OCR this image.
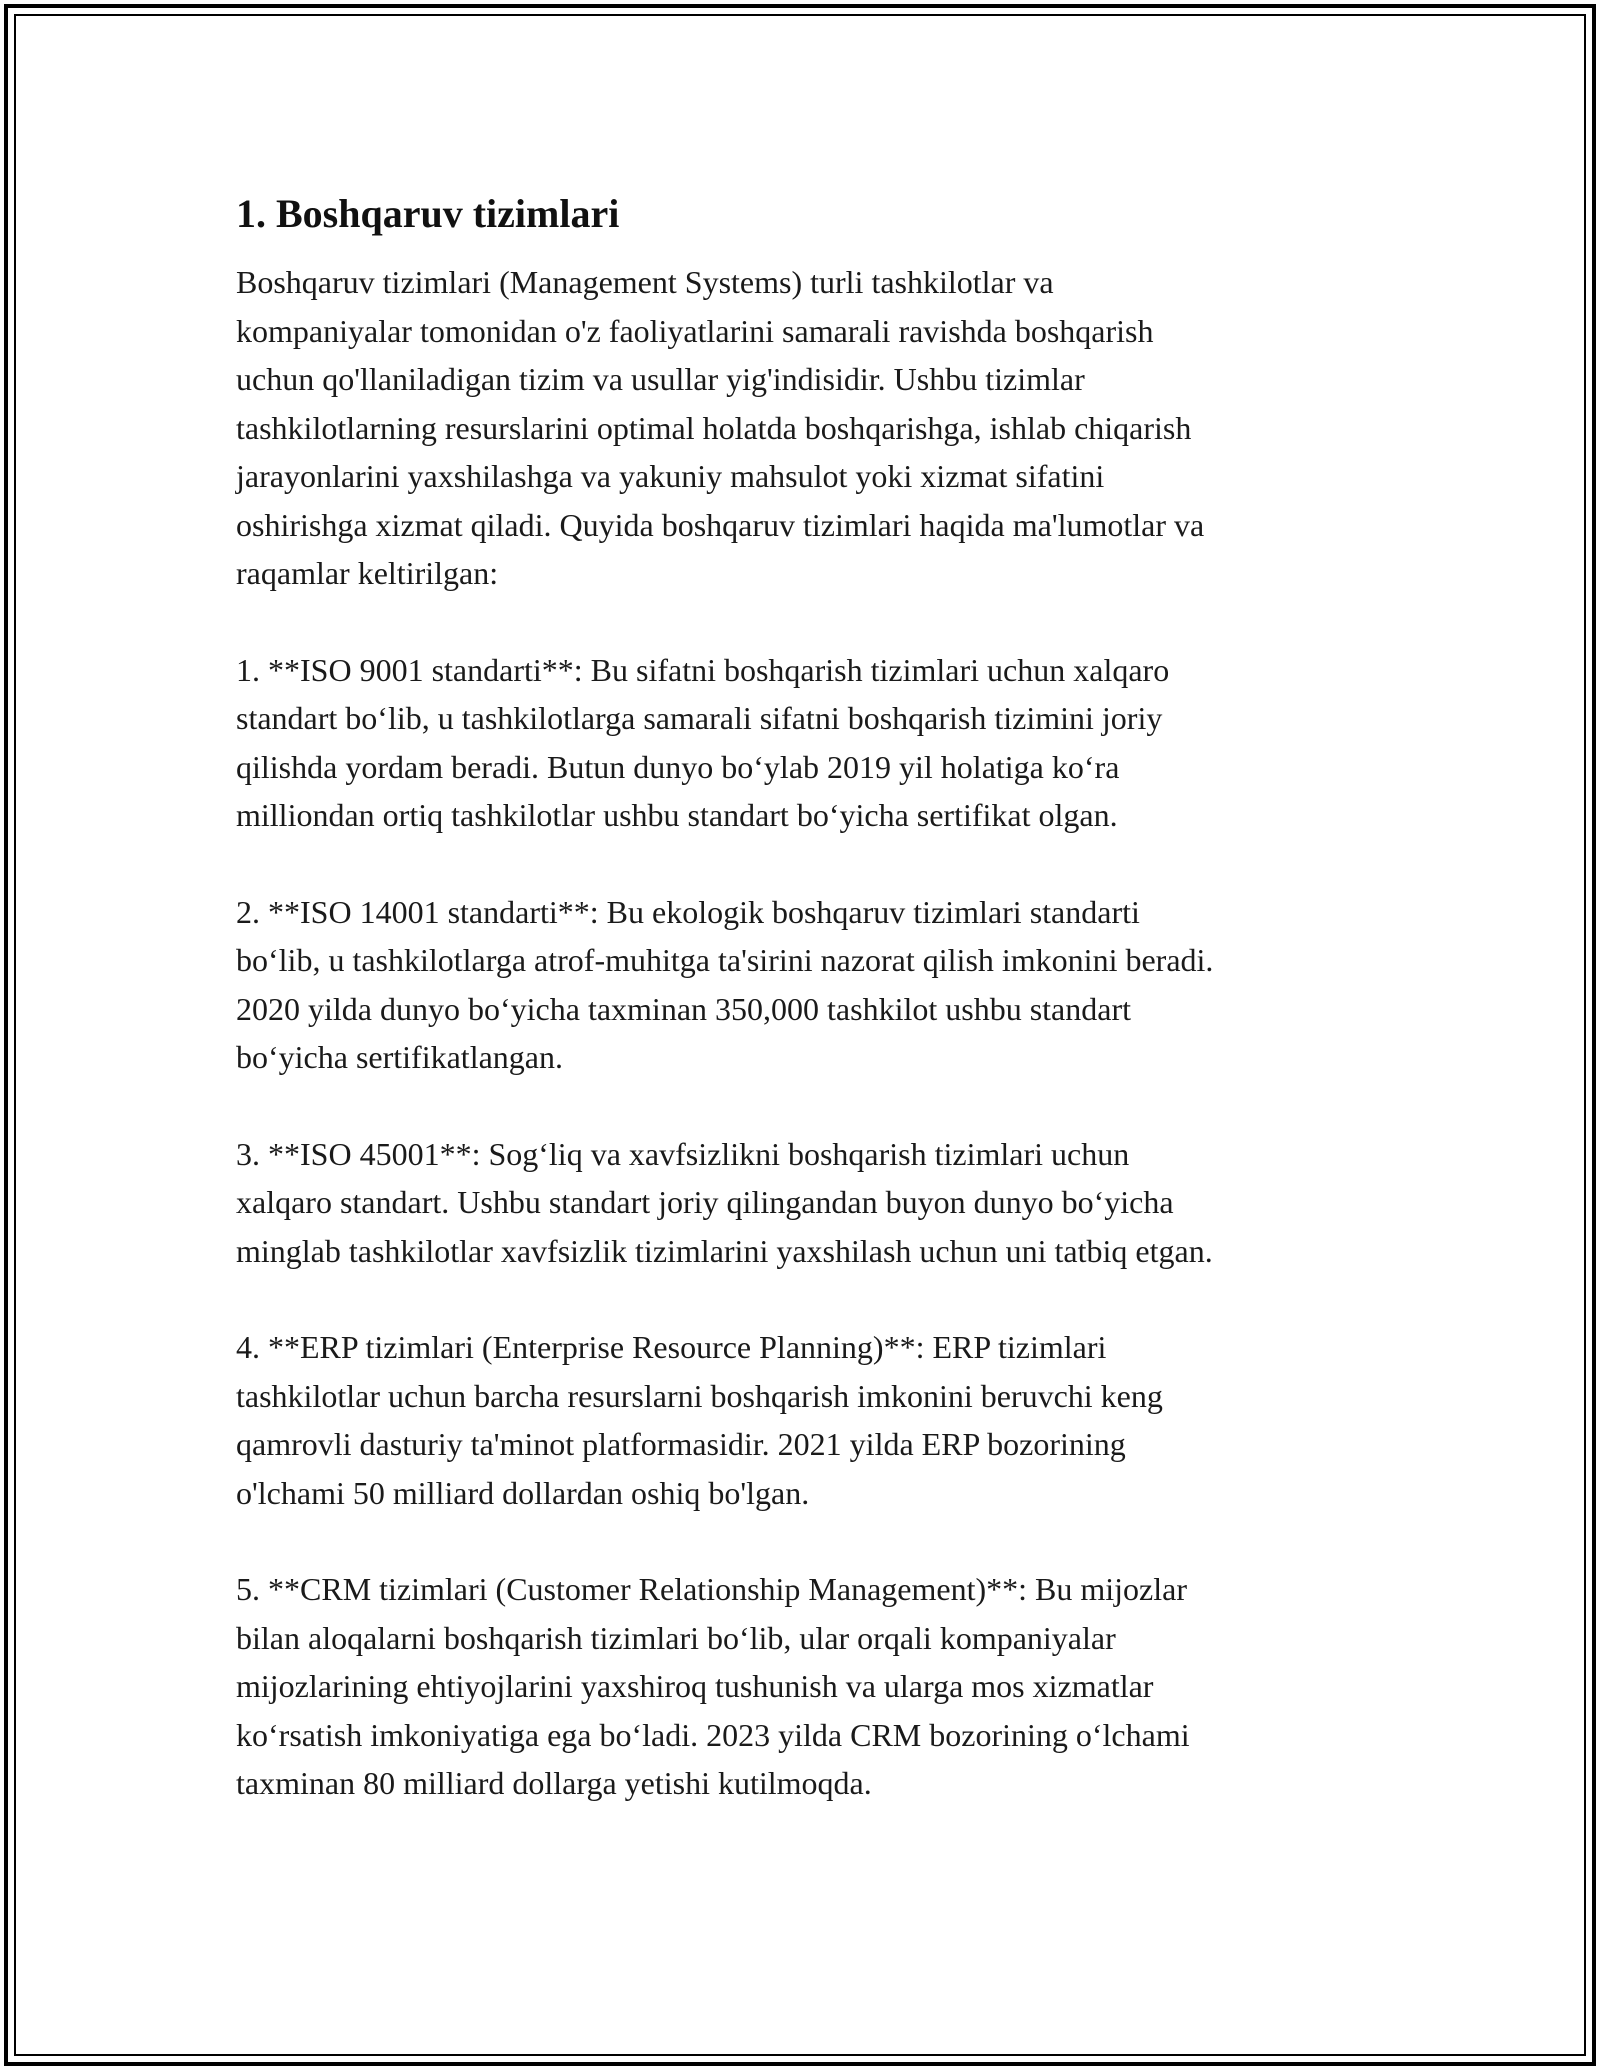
1. Boshqaruv tizimlari

Boshqaruv tizimlari (Management Systems) turli tashkilotlar va
kompaniyalar tomonidan o'z faoliyatlarini samarali ravishda boshqarish
uchun qo'llaniladigan tizim va usullar yig'indisidir. Ushbu tizimlar
tashkilotlarning resurslarini optimal holatda boshqarishga, ishlab chiqarish
jarayonlarini yaxshilashga va yakuniy mahsulot yoki xizmat sifatini
oshirishga xizmat qiladi. Quyida boshqaruv tizimlari haqida ma'lumotlar va
raqamlar keltirilgan:

1. **ISO 9001 standarti**: Bu sifatni boshqarish tizimlari uchun xalqaro
standart bo‘lib, u tashkilotlarga samarali sifatni boshqarish tizimini joriy
qilishda yordam beradi. Butun dunyo bo‘ylab 2019 yil holatiga ko‘ra
milliondan ortiq tashkilotlar ushbu standart bo‘yicha sertifikat olgan.

2. **ISO 14001 standarti**: Bu ekologik boshqaruv tizimlari standarti
bo‘lib, u tashkilotlarga atrof-muhitga ta'sirini nazorat qilish imkonini beradi.
2020 yilda dunyo bo‘yicha taxminan 350,000 tashkilot ushbu standart
bo‘yicha sertifikatlangan.

3. **ISO 45001**: Sog‘liq va xavfsizlikni boshqarish tizimlari uchun
xalqaro standart. Ushbu standart joriy qilingandan buyon dunyo bo‘yicha
minglab tashkilotlar xavfsizlik tizimlarini yaxshilash uchun uni tatbiq etgan.

4. **ERP tizimlari (Enterprise Resource Planning)**: ERP tizimlari
tashkilotlar uchun barcha resurslarni boshqarish imkonini beruvchi keng
qamrovli dasturiy ta'minot platformasidir. 2021 yilda ERP bozorining
o'lchami 50 milliard dollardan oshiq bo'lgan.

5. **CRM tizimlari (Customer Relationship Management)**: Bu mijozlar
bilan aloqalarni boshqarish tizimlari bo‘lib, ular orqali kompaniyalar
mijozlarining ehtiyojlarini yaxshiroq tushunish va ularga mos xizmatlar
ko‘rsatish imkoniyatiga ega bo‘ladi. 2023 yilda CRM bozorining o‘lchami
taxminan 80 milliard dollarga yetishi kutilmoqda.
